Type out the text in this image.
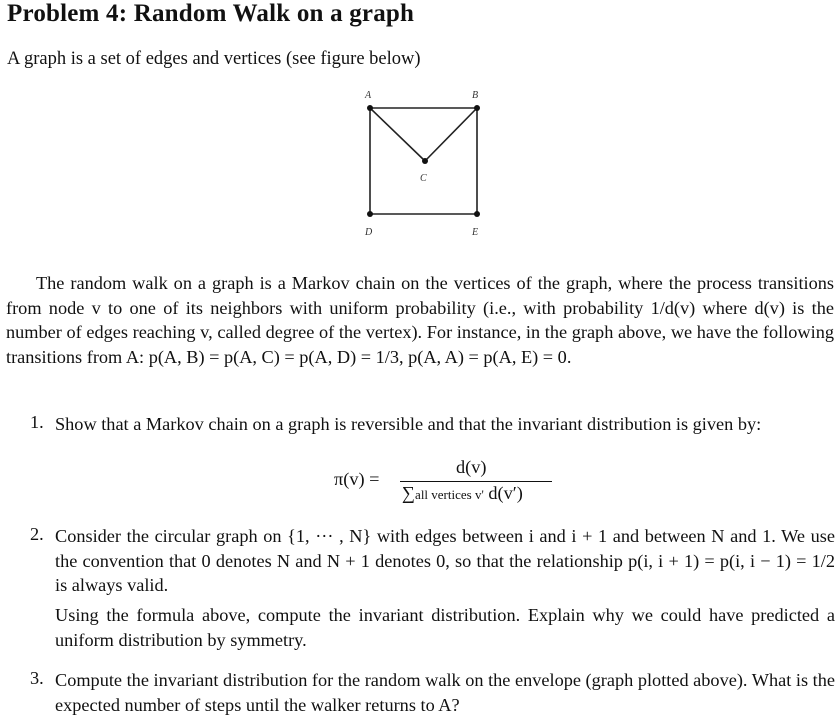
Problem 4: Random Walk on a graph
A graph is a set of edges and vertices (see figure below)
A	B
C
D	E
The random walk on a graph is a Markov chain on the vertices of the graph, where the process transitions from node v to one of its neighbors with uniform probability (i.e., with probability 1/d(v) where d(v) is the number of edges reaching v, called degree of the vertex). For instance, in the graph above, we have the following transitions from A: p(A, B) = p(A, C) = p(A, D) = 1/3, p(A, A) = p(A, E) = 0.
1. Show that a Markov chain on a graph is reversible and that the invariant distribution is given by:
π(v) =
d(v)
∑all vertices v' d(v′)
2. Consider the circular graph on {1, ··· , N} with edges between i and i + 1 and between N and 1. We use the convention that 0 denotes N and N + 1 denotes 0, so that the relationship p(i, i + 1) = p(i, i − 1) = 1/2 is always valid.
Using the formula above, compute the invariant distribution. Explain why we could have predicted a uniform distribution by symmetry.
3. Compute the invariant distribution for the random walk on the envelope (graph plotted above). What is the expected number of steps until the walker returns to A?
